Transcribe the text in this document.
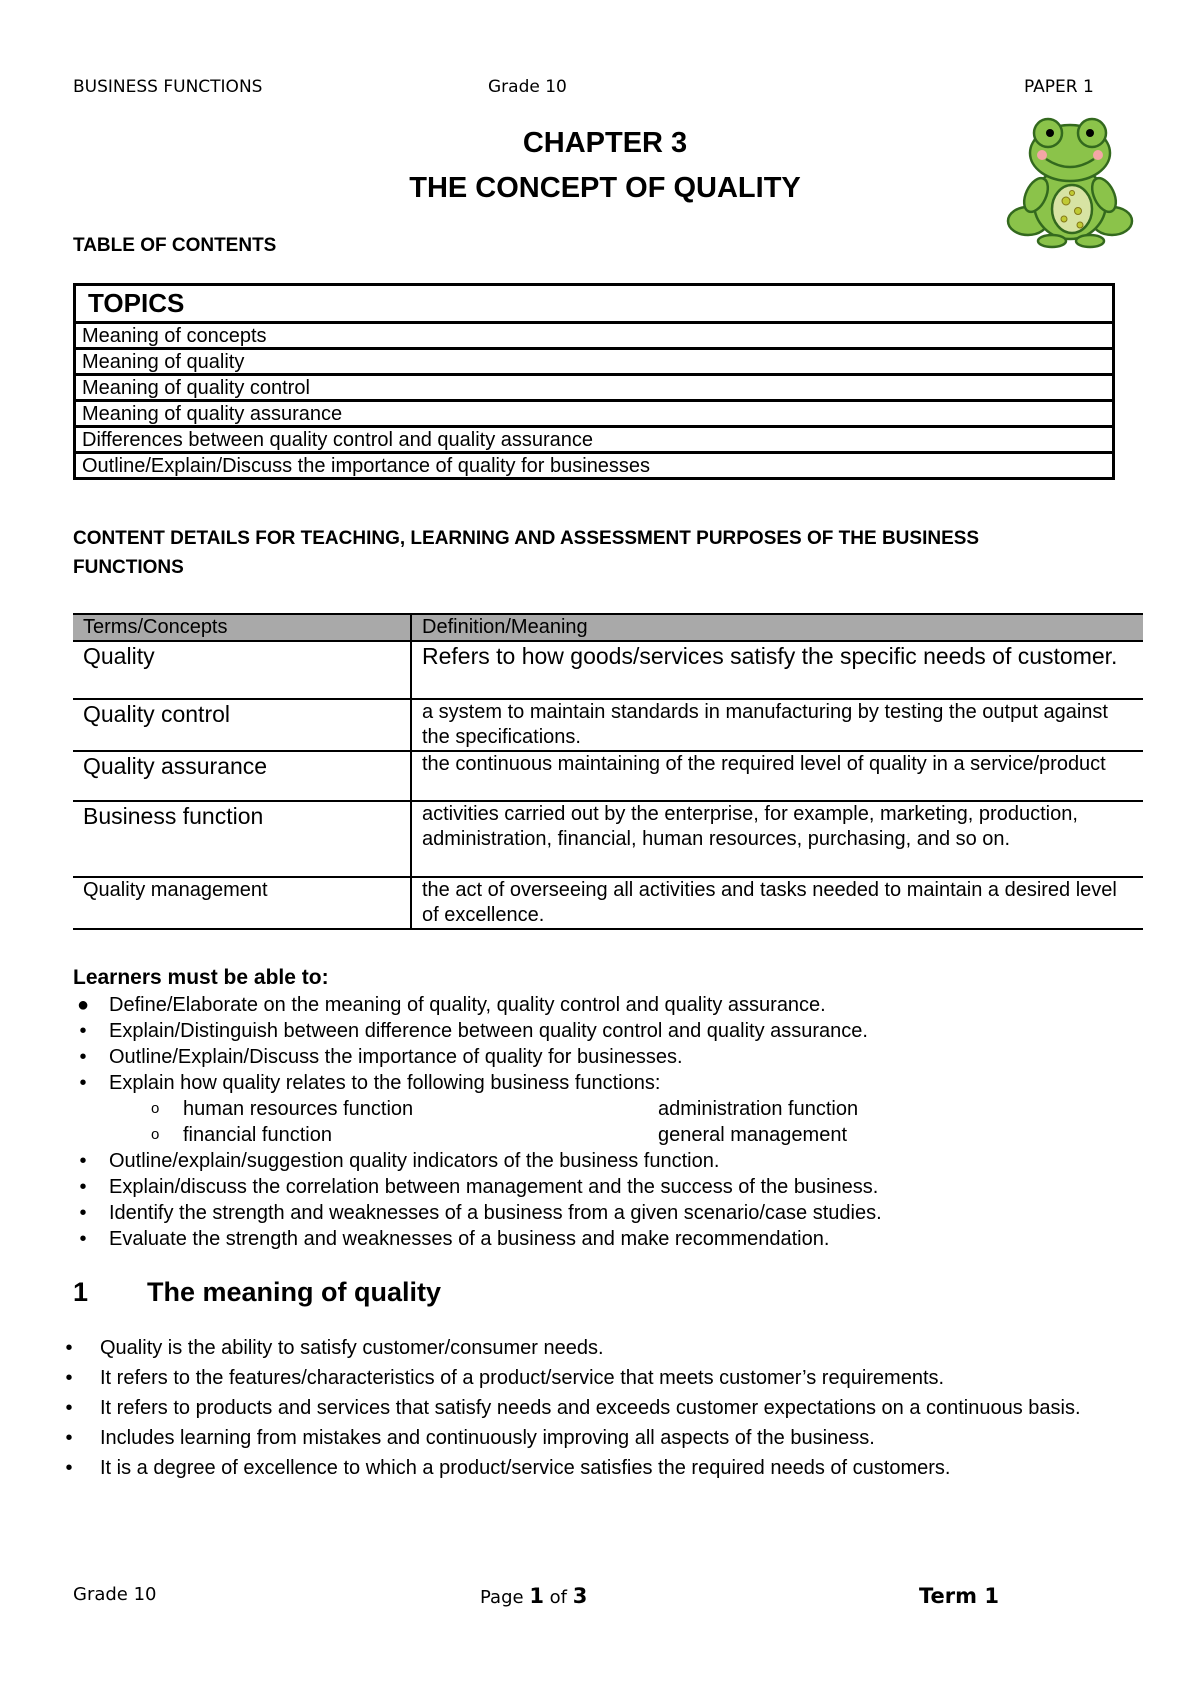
BUSINESS FUNCTIONS	Grade 10	PAPER 1
CHAPTER 3
THE CONCEPT OF QUALITY
TABLE OF CONTENTS
TOPICS
Meaning of concepts
Meaning of quality
Meaning of quality control
Meaning of quality assurance
Differences between quality control and quality assurance
Outline/Explain/Discuss the importance of quality for businesses
CONTENT DETAILS FOR TEACHING, LEARNING AND ASSESSMENT PURPOSES OF THE BUSINESS FUNCTIONS
Terms/Concepts	Definition/Meaning
Quality	Refers to how goods/services satisfy the specific needs of customer.
Quality control	a system to maintain standards in manufacturing by testing the output against the specifications.
Quality assurance	the continuous maintaining of the required level of quality in a service/product
Business function	activities carried out by the enterprise, for example, marketing, production, administration, financial, human resources, purchasing, and so on.
Quality management	the act of overseeing all activities and tasks needed to maintain a desired level of excellence.
Learners must be able to:
● Define/Elaborate on the meaning of quality, quality control and quality assurance.
•	Explain/Distinguish between difference between quality control and quality assurance.
•	Outline/Explain/Discuss the importance of quality for businesses.
•	Explain how quality relates to the following business functions:
o human resources function	administration function
o financial function	general management
•	Outline/explain/suggestion quality indicators of the business function.
•	Explain/discuss the correlation between management and the success of the business.
•	Identify the strength and weaknesses of a business from a given scenario/case studies.
•	Evaluate the strength and weaknesses of a business and make recommendation.
1 The meaning of quality
• Quality is the ability to satisfy customer/consumer needs.
• It refers to the features/characteristics of a product/service that meets customer’s requirements.
• It refers to products and services that satisfy needs and exceeds customer expectations on a continuous basis.
• Includes learning from mistakes and continuously improving all aspects of the business.
• It is a degree of excellence to which a product/service satisfies the required needs of customers.
Grade 10	Page 1 of 3	Term 1
